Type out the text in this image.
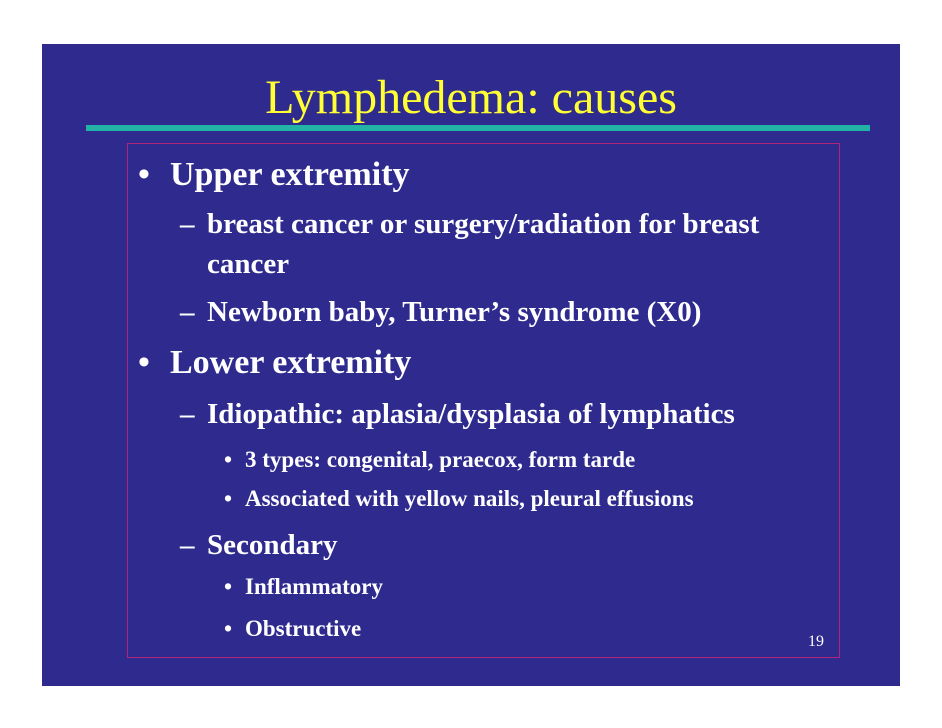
Lymphedema: causes
• Upper extremity
– breast cancer or surgery/radiation for breast
cancer
– Newborn baby, Turner’s syndrome (X0)
• Lower extremity
– Idiopathic: aplasia/dysplasia of lymphatics
• 3 types: congenital, praecox, form tarde
• Associated with yellow nails, pleural effusions
– Secondary
• Inflammatory
• Obstructive
19
